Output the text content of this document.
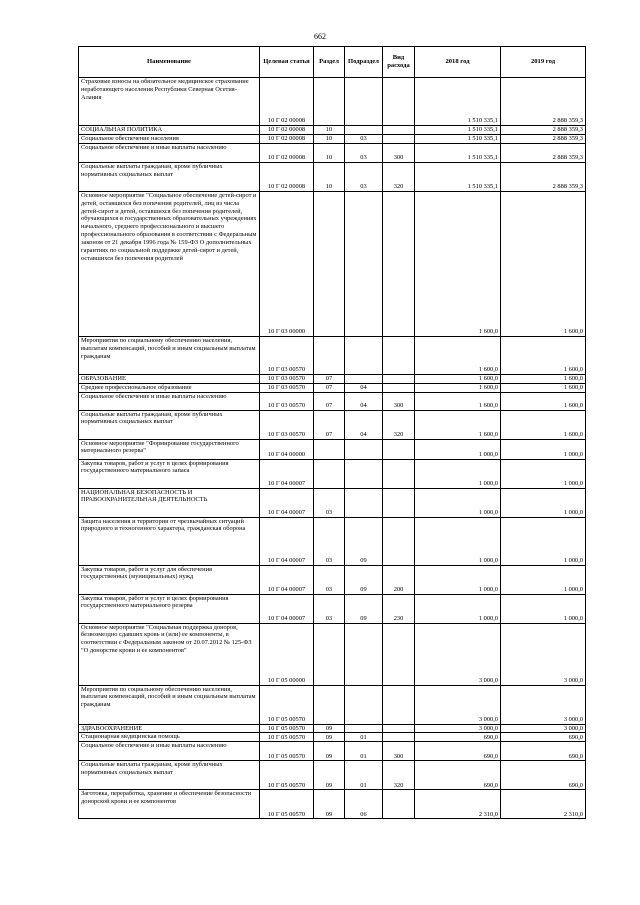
662
Наименование	Целевая статья	Раздел	Подраздел	Вид расхода	2018 год	2019 год
Страховые взносы на обязательное медицинское страхование неработающего населения Республики Северная Осетия-Алания	10 Г 02 00008				1 510 335,1	2 888 359,3
СОЦИАЛЬНАЯ ПОЛИТИКА	10 Г 02 00008	10			1 510 335,1	2 888 359,3
Социальное обеспечение населения	10 Г 02 00008	10	03		1 510 335,1	2 888 359,3
Социальное обеспечение и иные выплаты населению	10 Г 02 00008	10	03	300	1 510 335,1	2 888 359,3
Социальные выплаты гражданам, кроме публичных нормативных социальных выплат	10 Г 02 00008	10	03	320	1 510 335,1	2 888 359,3
Основное мероприятие "Социальное обеспечение детей-сирот и детей, оставшихся без попечения родителей, лиц из числа детей-сирот и детей, оставшихся без попечения родителей, обучающихся в государственных образовательных учреждениях начального, среднего профессионального и высшего профессионального образования в соответствии с Федеральным законом от 21 декабря 1996 года № 159-ФЗ О дополнительных гарантиях по социальной поддержке детей-сирот и детей, оставшихся без попечения родителей	10 Г 03 00000				1 600,0	1 600,0
Мероприятия по социальному обеспечению населения, выплатам компенсаций, пособий и иным социальным выплатам гражданам	10 Г 03 00570				1 600,0	1 600,0
ОБРАЗОВАНИЕ	10 Г 03 00570	07			1 600,0	1 600,0
Среднее профессиональное образование	10 Г 03 00570	07	04		1 600,0	1 600,0
Социальное обеспечение и иные выплаты населению	10 Г 03 00570	07	04	300	1 600,0	1 600,0
Социальные выплаты гражданам, кроме публичных нормативных социальных выплат	10 Г 03 00570	07	04	320	1 600,0	1 600,0
Основное мероприятие "Формирование государственного материального резерва"	10 Г 04 00000				1 000,0	1 000,0
Закупка товаров, работ и услуг в целях формирования государственного материального запаса	10 Г 04 00007				1 000,0	1 000,0
НАЦИОНАЛЬНАЯ БЕЗОПАСНОСТЬ И ПРАВООХРАНИТЕЛЬНАЯ ДЕЯТЕЛЬНОСТЬ	10 Г 04 00007	03			1 000,0	1 000,0
Защита населения и территории от чрезвычайных ситуаций природного и техногенного характера, гражданская оборона	10 Г 04 00007	03	09		1 000,0	1 000,0
Закупка товаров, работ и услуг для обеспечения государственных (муниципальных) нужд	10 Г 04 00007	03	09	200	1 000,0	1 000,0
Закупка товаров, работ и услуг в целях формирования государственного материального резерва	10 Г 04 00007	03	09	230	1 000,0	1 000,0
Основное мероприятие "Социальная поддержка доноров, безвозмездно сдавших кровь и (или) ее компоненты, в соответствии с Федеральным законом от 20.07.2012 № 125-ФЗ "О донорстве крови и ее компонентов"	10 Г 05 00000				3 000,0	3 000,0
Мероприятия по социальному обеспечению населения, выплатам компенсаций, пособий и иным социальным выплатам гражданам	10 Г 05 00570				3 000,0	3 000,0
ЗДРАВООХРАНЕНИЕ	10 Г 05 00570	09			3 000,0	3 000,0
Стационарная медицинская помощь	10 Г 05 00570	09	01		690,0	690,0
Социальное обеспечение и иные выплаты населению	10 Г 05 00570	09	01	300	690,0	690,0
Социальные выплаты гражданам, кроме публичных нормативных социальных выплат	10 Г 05 00570	09	01	320	690,0	690,0
Заготовка, переработка, хранение и обеспечение безопасности донорской крови и ее компонентов	10 Г 05 00570	09	06		2 310,0	2 310,0
